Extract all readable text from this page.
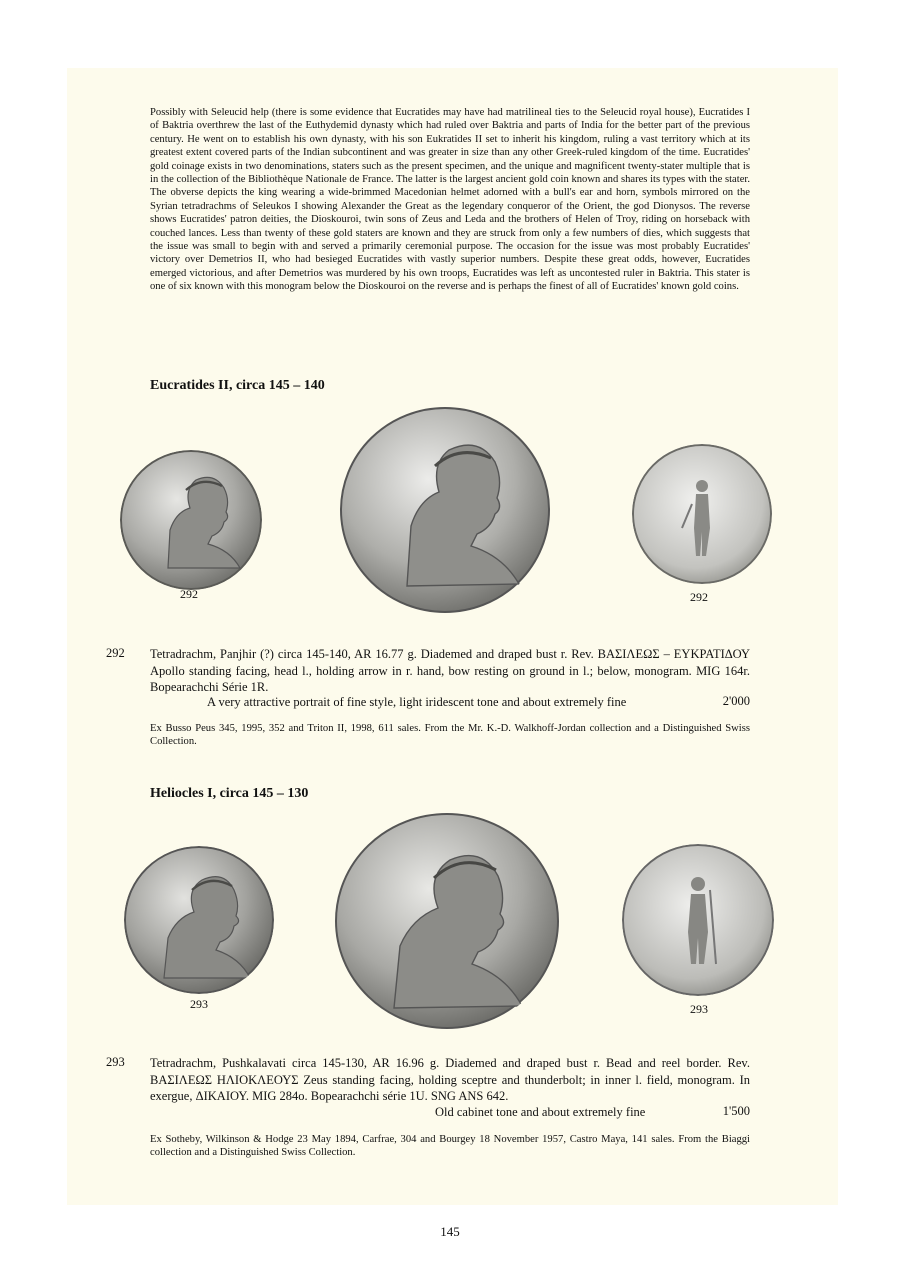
Possibly with Seleucid help (there is some evidence that Eucratides may have had matrilineal ties to the Seleucid royal house), Eucratides I of Baktria overthrew the last of the Euthydemid dynasty which had ruled over Baktria and parts of India for the better part of the previous century. He went on to establish his own dynasty, with his son Eukratides II set to inherit his kingdom, ruling a vast territory which at its greatest extent covered parts of the Indian subcontinent and was greater in size than any other Greek-ruled kingdom of the time. Eucratides' gold coinage exists in two denominations, staters such as the present specimen, and the unique and magnificent twenty-stater multiple that is in the collection of the Bibliothèque Nationale de France. The latter is the largest ancient gold coin known and shares its types with the stater. The obverse depicts the king wearing a wide-brimmed Macedonian helmet adorned with a bull's ear and horn, symbols mirrored on the Syrian tetradrachms of Seleukos I showing Alexander the Great as the legendary conqueror of the Orient, the god Dionysos. The reverse shows Eucratides' patron deities, the Dioskouroi, twin sons of Zeus and Leda and the brothers of Helen of Troy, riding on horseback with couched lances. Less than twenty of these gold staters are known and they are struck from only a few numbers of dies, which suggests that the issue was small to begin with and served a primarily ceremonial purpose. The occasion for the issue was most probably Eucratides' victory over Demetrios II, who had besieged Eucratides with vastly superior numbers. Despite these great odds, however, Eucratides emerged victorious, and after Demetrios was murdered by his own troops, Eucratides was left as uncontested ruler in Baktria. This stater is one of six known with this monogram below the Dioskouroi on the reverse and is perhaps the finest of all of Eucratides' known gold coins.

Eucratides II, circa 145 – 140
292	292
292 Tetradrachm, Panjhir (?) circa 145-140, AR 16.77 g. Diademed and draped bust r. Rev. ΒΑΣΙΛΕΩΣ – ΕΥΚΡΑΤΙΔΟΥ Apollo standing facing, head l., holding arrow in r. hand, bow resting on ground in l.; below, monogram. MIG 164r. Bopearachchi Série 1R.
A very attractive portrait of fine style, light iridescent tone and about extremely fine	2'000
Ex Busso Peus 345, 1995, 352 and Triton II, 1998, 611 sales. From the Mr. K.-D. Walkhoff-Jordan collection and a Distinguished Swiss Collection.
Heliocles I, circa 145 – 130
293	293
293 Tetradrachm, Pushkalavati circa 145-130, AR 16.96 g. Diademed and draped bust r. Bead and reel border. Rev. ΒΑΣΙΛΕΩΣ ΗΛΙΟΚΛΕΟΥΣ Zeus standing facing, holding sceptre and thunderbolt; in inner l. field, monogram. In exergue, ΔΙΚΑΙΟΥ. MIG 284o. Bopearachchi série 1U. SNG ANS 642.
Old cabinet tone and about extremely fine	1'500
Ex Sotheby, Wilkinson & Hodge 23 May 1894, Carfrae, 304 and Bourgey 18 November 1957, Castro Maya, 141 sales. From the Biaggi collection and a Distinguished Swiss Collection.
145
